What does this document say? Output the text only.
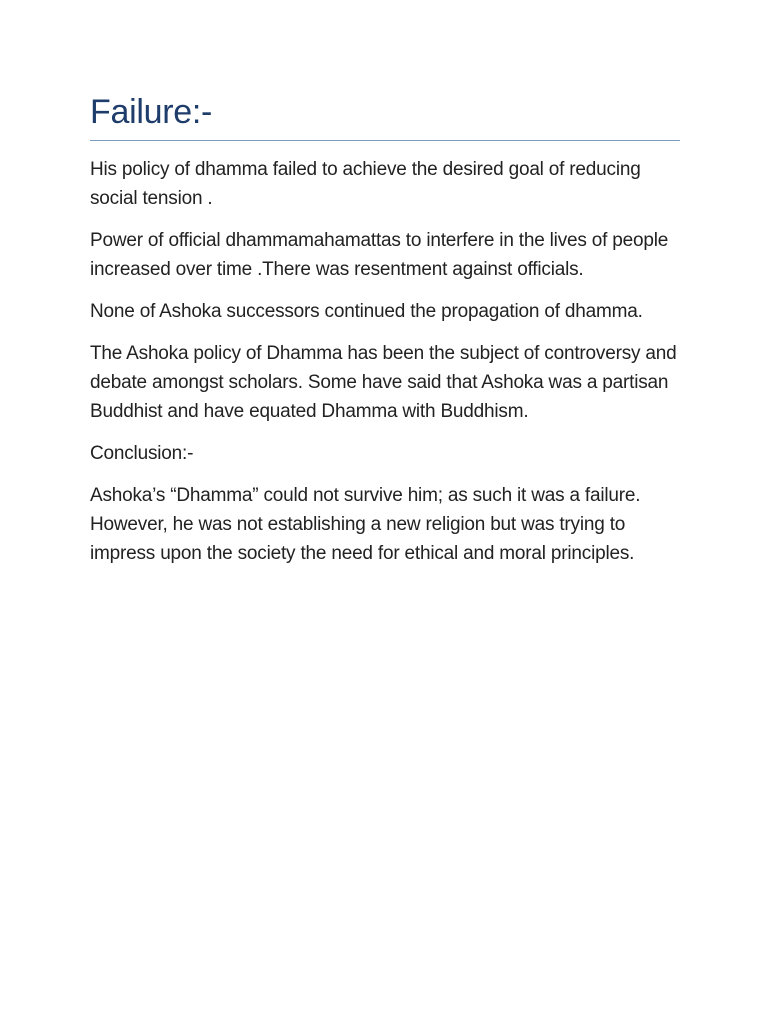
Failure:-

His policy of dhamma failed to achieve the desired goal of reducing social tension .

Power of official dhammamahamattas to interfere in the lives of people increased over time .There was resentment against officials.

None of Ashoka successors continued the propagation of dhamma.

The Ashoka policy of Dhamma has been the subject of controversy and debate amongst scholars. Some have said that Ashoka was a partisan Buddhist and have equated Dhamma with Buddhism.

Conclusion:-

Ashoka’s “Dhamma” could not survive him; as such it was a failure. However, he was not establishing a new religion but was trying to impress upon the society the need for ethical and moral principles.
